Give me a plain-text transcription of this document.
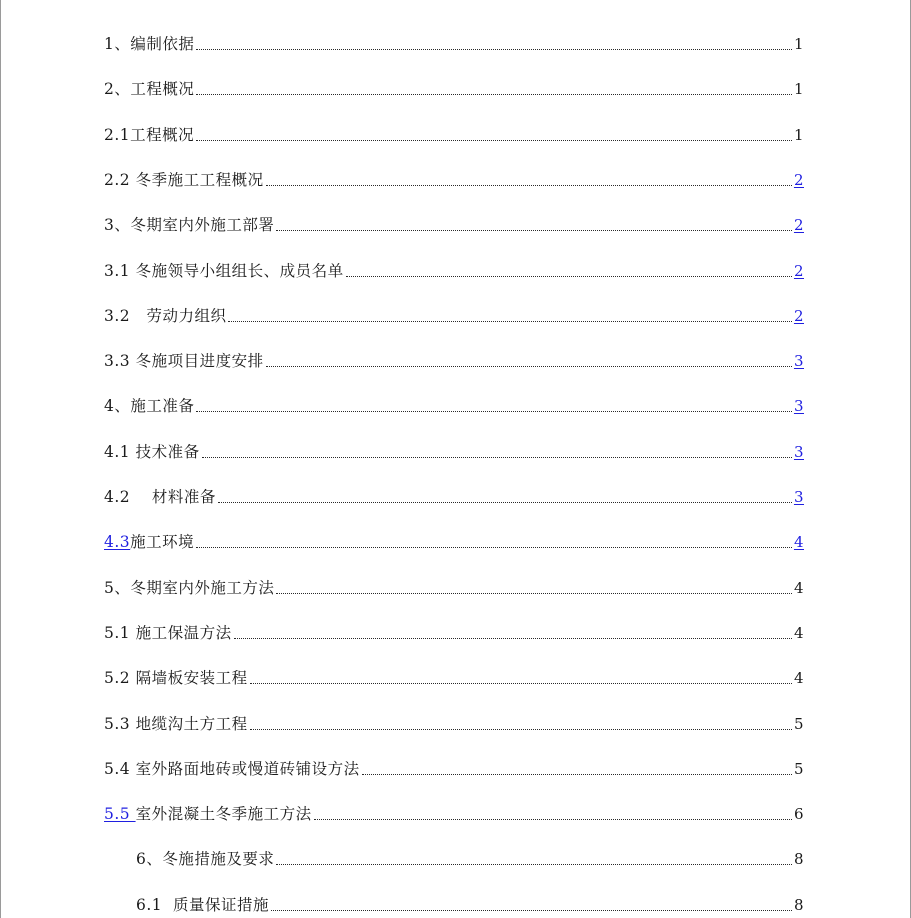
1、 编制依据	1
2、 工程概况	1
2.1 工程概况	1
2.2 冬季施工工程概况	2
3、 冬期室内外施工部署	2
3.1 冬施领导小组组长、成员名单	2
3.2 劳动力组织	2
3.3 冬施项目进度安排	3
4、 施工准备	3
4.1 技术准备	3
4.2 材料准备	3
4.3 施工环境	4
5、 冬期室内外施工方法	4
5.1 施工保温方法	4
5.2 隔墙板安装工程	4
5.3 地缆沟土方工程	5
5.4 室外路面地砖或慢道砖铺设方法	5
5.5 室外混凝土冬季施工方法	6
6、 冬施措施及要求	8
6.1 质量保证措施	8
